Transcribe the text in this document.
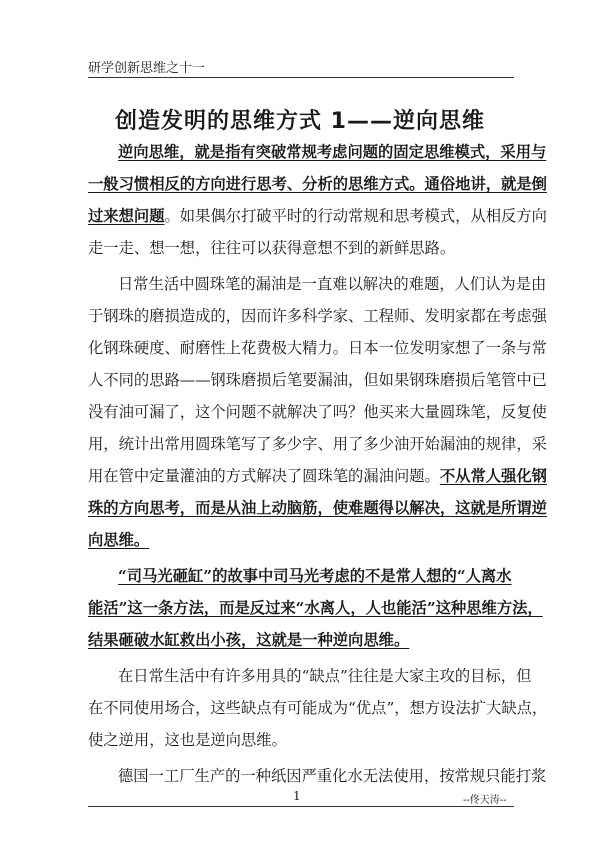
研学创新思维之十一
创造发明的思维方式 1——逆向思维
逆向思维，就是指有突破常规考虑问题的固定思维模式，采用与
一般习惯相反的方向进行思考、分析的思维方式。通俗地讲，就是倒
过来想问题。如果偶尔打破平时的行动常规和思考模式，从相反方向
走一走、想一想，往往可以获得意想不到的新鲜思路。
日常生活中圆珠笔的漏油是一直难以解决的难题，人们认为是由
于钢珠的磨损造成的，因而许多科学家、工程师、发明家都在考虑强
化钢珠硬度、耐磨性上花费极大精力。日本一位发明家想了一条与常
人不同的思路——钢珠磨损后笔要漏油，但如果钢珠磨损后笔管中已
没有油可漏了，这个问题不就解决了吗？他买来大量圆珠笔，反复使
用，统计出常用圆珠笔写了多少字、用了多少油开始漏油的规律，采
用在管中定量灌油的方式解决了圆珠笔的漏油问题。不从常人强化钢
珠的方向思考，而是从油上动脑筋，使难题得以解决，这就是所谓逆
向思维。
“司马光砸缸”的故事中司马光考虑的不是常人想的“人离水
能活”这一条方法，而是反过来“水离人，人也能活”这种思维方法，
结果砸破水缸救出小孩，这就是一种逆向思维。
在日常生活中有许多用具的“缺点”往往是大家主攻的目标，但
在不同使用场合，这些缺点有可能成为“优点”，想方设法扩大缺点，
使之逆用，这也是逆向思维。
德国一工厂生产的一种纸因严重化水无法使用，按常规只能打浆
1	--佟天涛--
